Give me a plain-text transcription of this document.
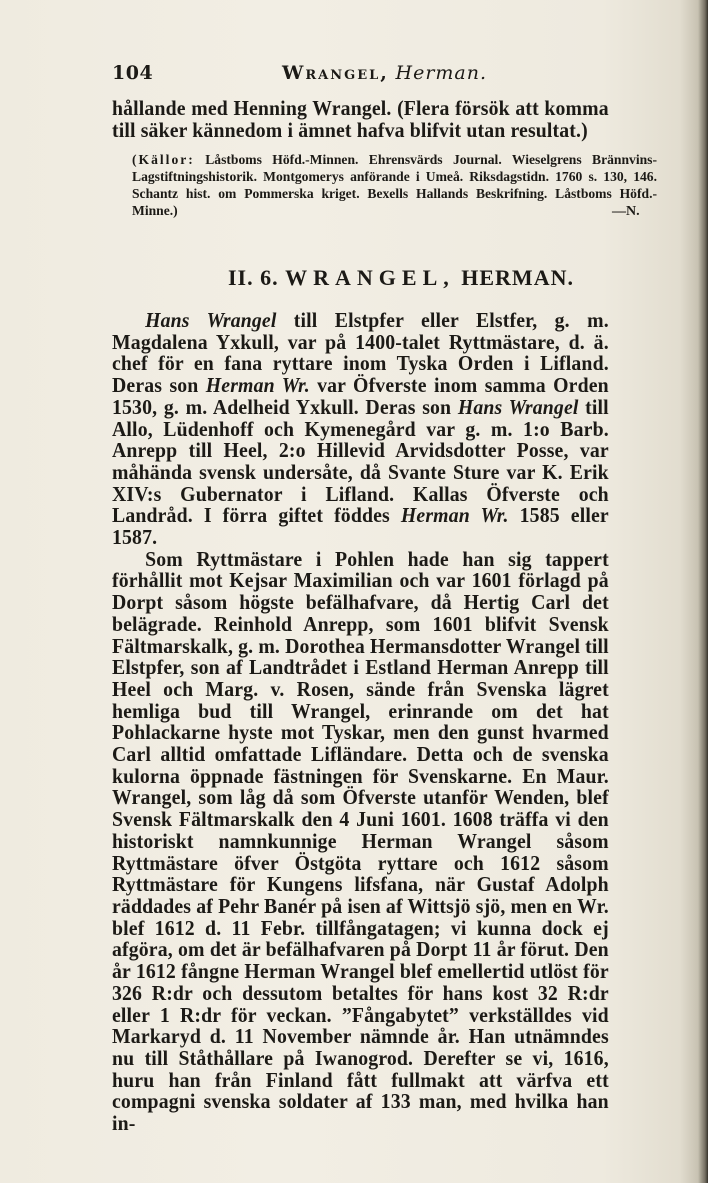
104	Wrangel, Herman.

hållande med Henning Wrangel. (Flera försök att komma till säker kännedom i ämnet hafva blifvit utan resultat.)

(Källor: Låstboms Höfd.-Minnen. Ehrensvärds Journal. Wieselgrens Brännvins-Lagstiftningshistorik. Montgomerys anförande i Umeå. Riksdagstidn. 1760 s. 130, 146. Schantz hist. om Pommerska kriget. Bexells Hallands Beskrifning. Låstboms Höfd.-Minne.)	—N.
II. 6. WRANGEL, HERMAN.

Hans Wrangel till Elstpfer eller Elstfer, g. m. Magdalena Yxkull, var på 1400-talet Ryttmästare, d. ä. chef för en fana ryttare inom Tyska Orden i Lifland. Deras son Herman Wr. var Öfverste inom samma Orden 1530, g. m. Adelheid Yxkull. Deras son Hans Wrangel till Allo, Lüdenhoff och Kymenegård var g. m. 1:o Barb. Anrepp till Heel, 2:o Hillevid Arvidsdotter Posse, var måhända svensk undersåte, då Svante Sture var K. Erik XIV:s Gubernator i Lifland. Kallas Öfverste och Landråd. I förra giftet föddes Herman Wr. 1585 eller 1587.

Som Ryttmästare i Pohlen hade han sig tappert förhållit mot Kejsar Maximilian och var 1601 förlagd på Dorpt såsom högste befälhafvare, då Hertig Carl det belägrade. Reinhold Anrepp, som 1601 blifvit Svensk Fältmarskalk, g. m. Dorothea Hermansdotter Wrangel till Elstpfer, son af Landtrådet i Estland Herman Anrepp till Heel och Marg. v. Rosen, sände från Svenska lägret hemliga bud till Wrangel, erinrande om det hat Pohlackarne hyste mot Tyskar, men den gunst hvarmed Carl alltid omfattade Lifländare. Detta och de svenska kulorna öppnade fästningen för Svenskarne. En Maur. Wrangel, som låg då som Öfverste utanför Wenden, blef Svensk Fältmarskalk den 4 Juni 1601. 1608 träffa vi den historiskt namnkunnige Herman Wrangel såsom Ryttmästare öfver Östgöta ryttare och 1612 såsom Ryttmästare för Kungens lifsfana, när Gustaf Adolph räddades af Pehr Banér på isen af Wittsjö sjö, men en Wr. blef 1612 d. 11 Febr. tillfångatagen; vi kunna dock ej afgöra, om det är befälhafvaren på Dorpt 11 år förut. Den år 1612 fångne Herman Wrangel blef emellertid utlöst för 326 R:dr och dessutom betaltes för hans kost 32 R:dr eller 1 R:dr för veckan. ”Fångabytet” verkställdes vid Markaryd d. 11 November nämnde år. Han utnämndes nu till Ståthållare på Iwanogrod. Derefter se vi, 1616, huru han från Finland fått fullmakt att värfva ett compagni svenska soldater af 133 man, med hvilka han in-
